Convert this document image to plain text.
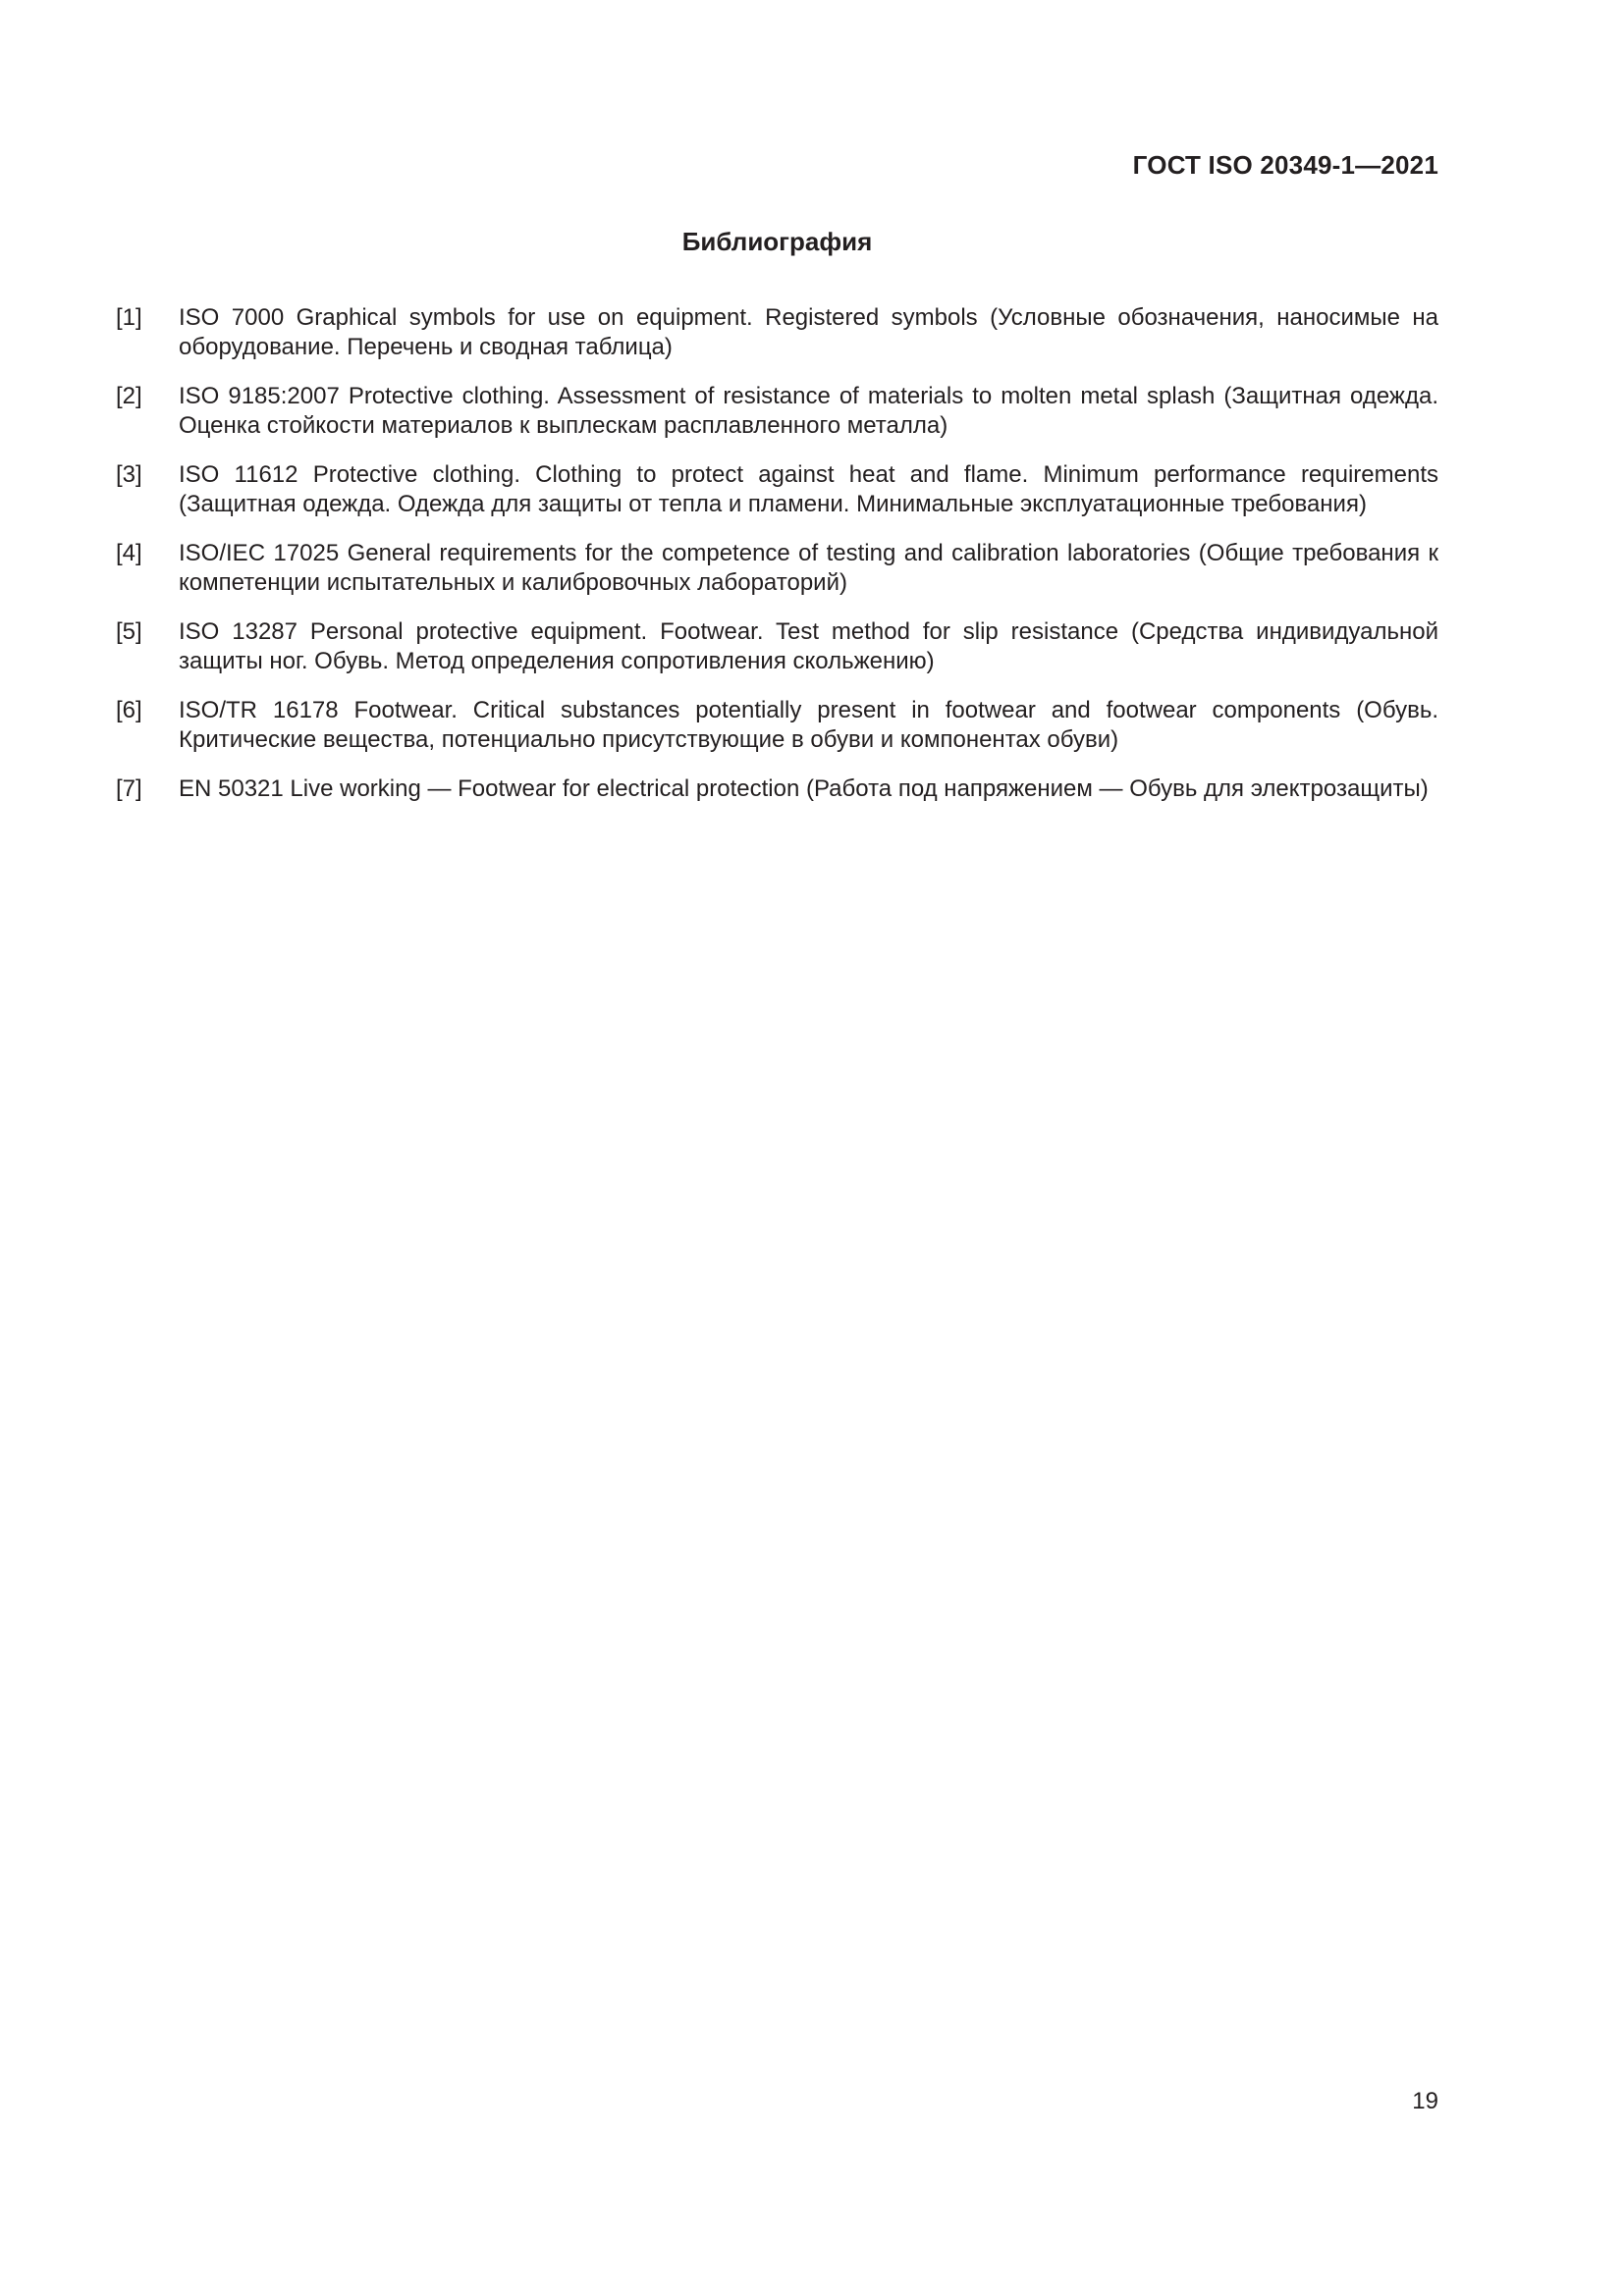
ГОСТ ISO 20349-1—2021
Библиография
[1]	ISO 7000 Graphical symbols for use on equipment. Registered symbols (Условные обозначения, наносимые на оборудование. Перечень и сводная таблица)
[2]	ISO 9185:2007 Protective clothing. Assessment of resistance of materials to molten metal splash (Защитная одежда. Оценка стойкости материалов к выплескам расплавленного металла)
[3]	ISO 11612 Protective clothing. Clothing to protect against heat and flame. Minimum performance requirements (Защитная одежда. Одежда для защиты от тепла и пламени. Минимальные эксплуатационные требования)
[4]	ISO/IEC 17025 General requirements for the competence of testing and calibration laboratories (Общие требования к компетенции испытательных и калибровочных лабораторий)
[5]	ISO 13287 Personal protective equipment. Footwear. Test method for slip resistance (Средства индивидуальной защиты ног. Обувь. Метод определения сопротивления скольжению)
[6]	ISO/TR 16178 Footwear. Critical substances potentially present in footwear and footwear components (Обувь. Критические вещества, потенциально присутствующие в обуви и компонентах обуви)
[7]	EN 50321 Live working — Footwear for electrical protection (Работа под напряжением — Обувь для электрозащиты)
19
